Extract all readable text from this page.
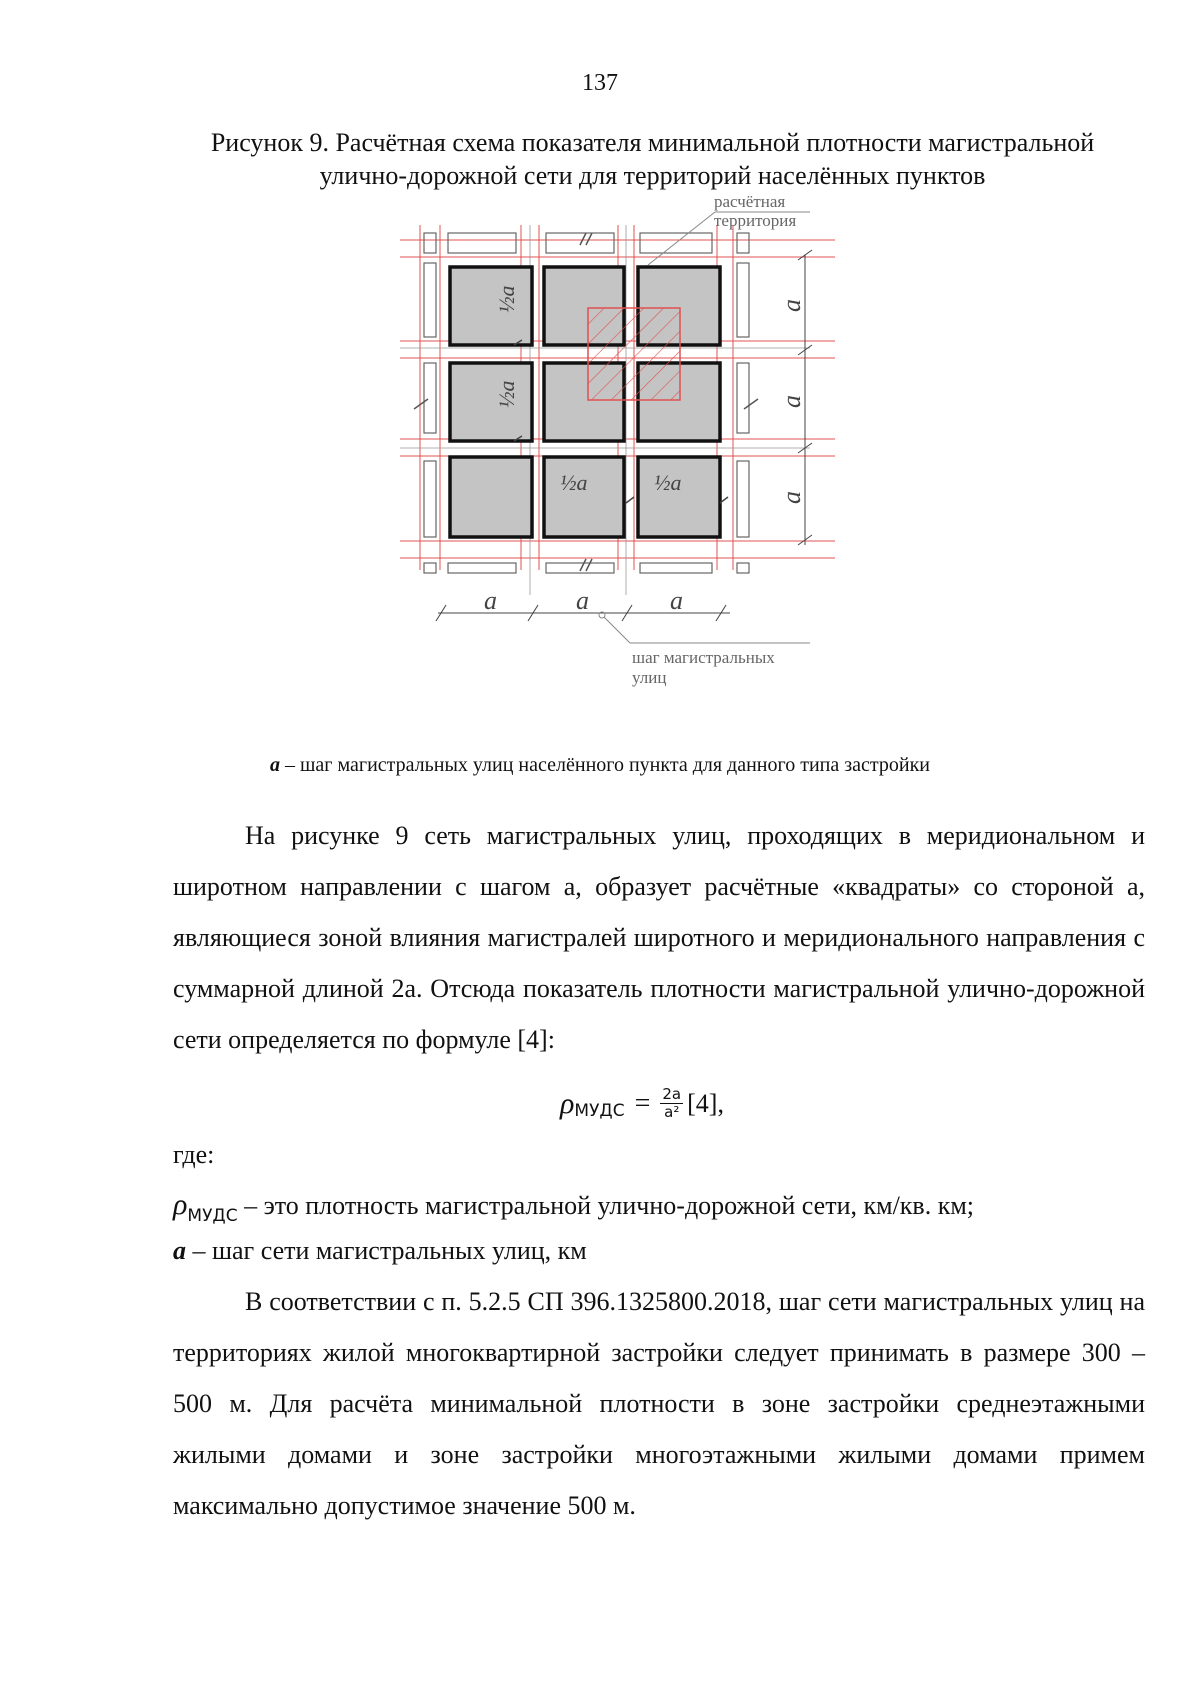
137
Рисунок 9. Расчётная схема показателя минимальной плотности магистральной
улично-дорожной сети для территорий населённых пунктов
расчётная
территория
a
a
a
a	a	a
шаг магистральных
улиц
½a
½a
½a	½a
a – шаг магистральных улиц населённого пункта для данного типа застройки

На рисунке 9 сеть магистральных улиц, проходящих в меридиональном и широтном направлении с шагом a, образует расчётные «квадраты» со стороной a, являющиеся зоной влияния магистралей широтного и меридионального направления с суммарной длиной 2a. Отсюда показатель плотности магистральной улично-дорожной сети определяется по формуле [4]:

ρ МУДС = $\frac{2a}{\text{a²}} [4]$,
где:
$\rho_{МУДС}$ – это плотность магистральной улично-дорожной сети, км/кв. км;
a – шаг сети магистральных улиц, км

В соответствии с п. 5.2.5 СП 396.1325800.2018, шаг сети магистральных улиц на территориях жилой многоквартирной застройки следует принимать в размере 300 – 500 м. Для расчёта минимальной плотности в зоне застройки среднеэтажными жилыми домами и зоне застройки многоэтажными жилыми домами примем максимально допустимое значение 500 м.
